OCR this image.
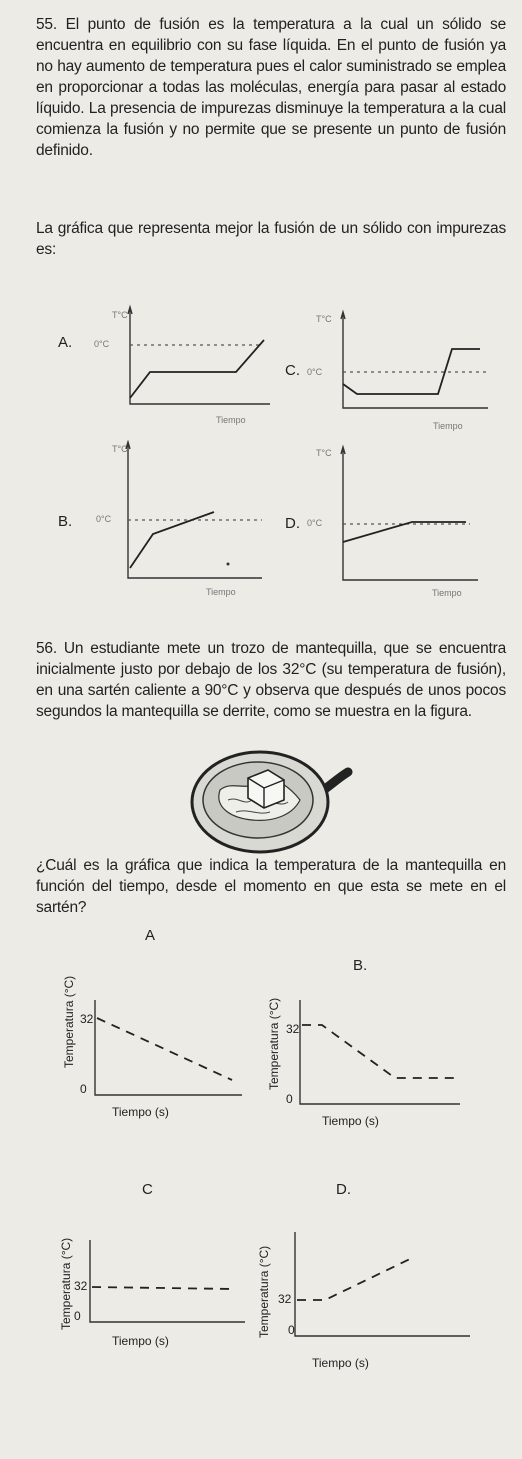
55. El punto de fusión es la temperatura a la cual un sólido se encuentra en equilibrio con su fase líquida. En el punto de fusión ya no hay aumento de temperatura pues el calor suministrado se emplea en proporcionar a todas las moléculas, energía para pasar al estado líquido. La presencia de impurezas disminuye la temperatura a la cual comienza la fusión y no permite que se presente un punto de fusión definido.
La gráfica que representa mejor la fusión de un sólido con impurezas es:
A.
T°C
0°C
Tiempo
C.
T°C
0°C
Tiempo
B.
T°C
0°C
Tiempo
D.
T°C
0°C
Tiempo
A
Temperatura (°C) 32
0
Tiempo (s)
B.
Temperatura (°C) 32
0
Tiempo (s)
C
Temperatura (°C) 32
0
Tiempo (s)
D.
Temperatura (°C) 32
0
Tiempo (s)
56. Un estudiante mete un trozo de mantequilla, que se encuentra inicialmente justo por debajo de los 32°C (su temperatura de fusión), en una sartén caliente a 90°C y observa que después de unos pocos segundos la mantequilla se derrite, como se muestra en la figura.
¿Cuál es la gráfica que indica la temperatura de la mantequilla en función del tiempo, desde el momento en que esta se mete en el sartén?
